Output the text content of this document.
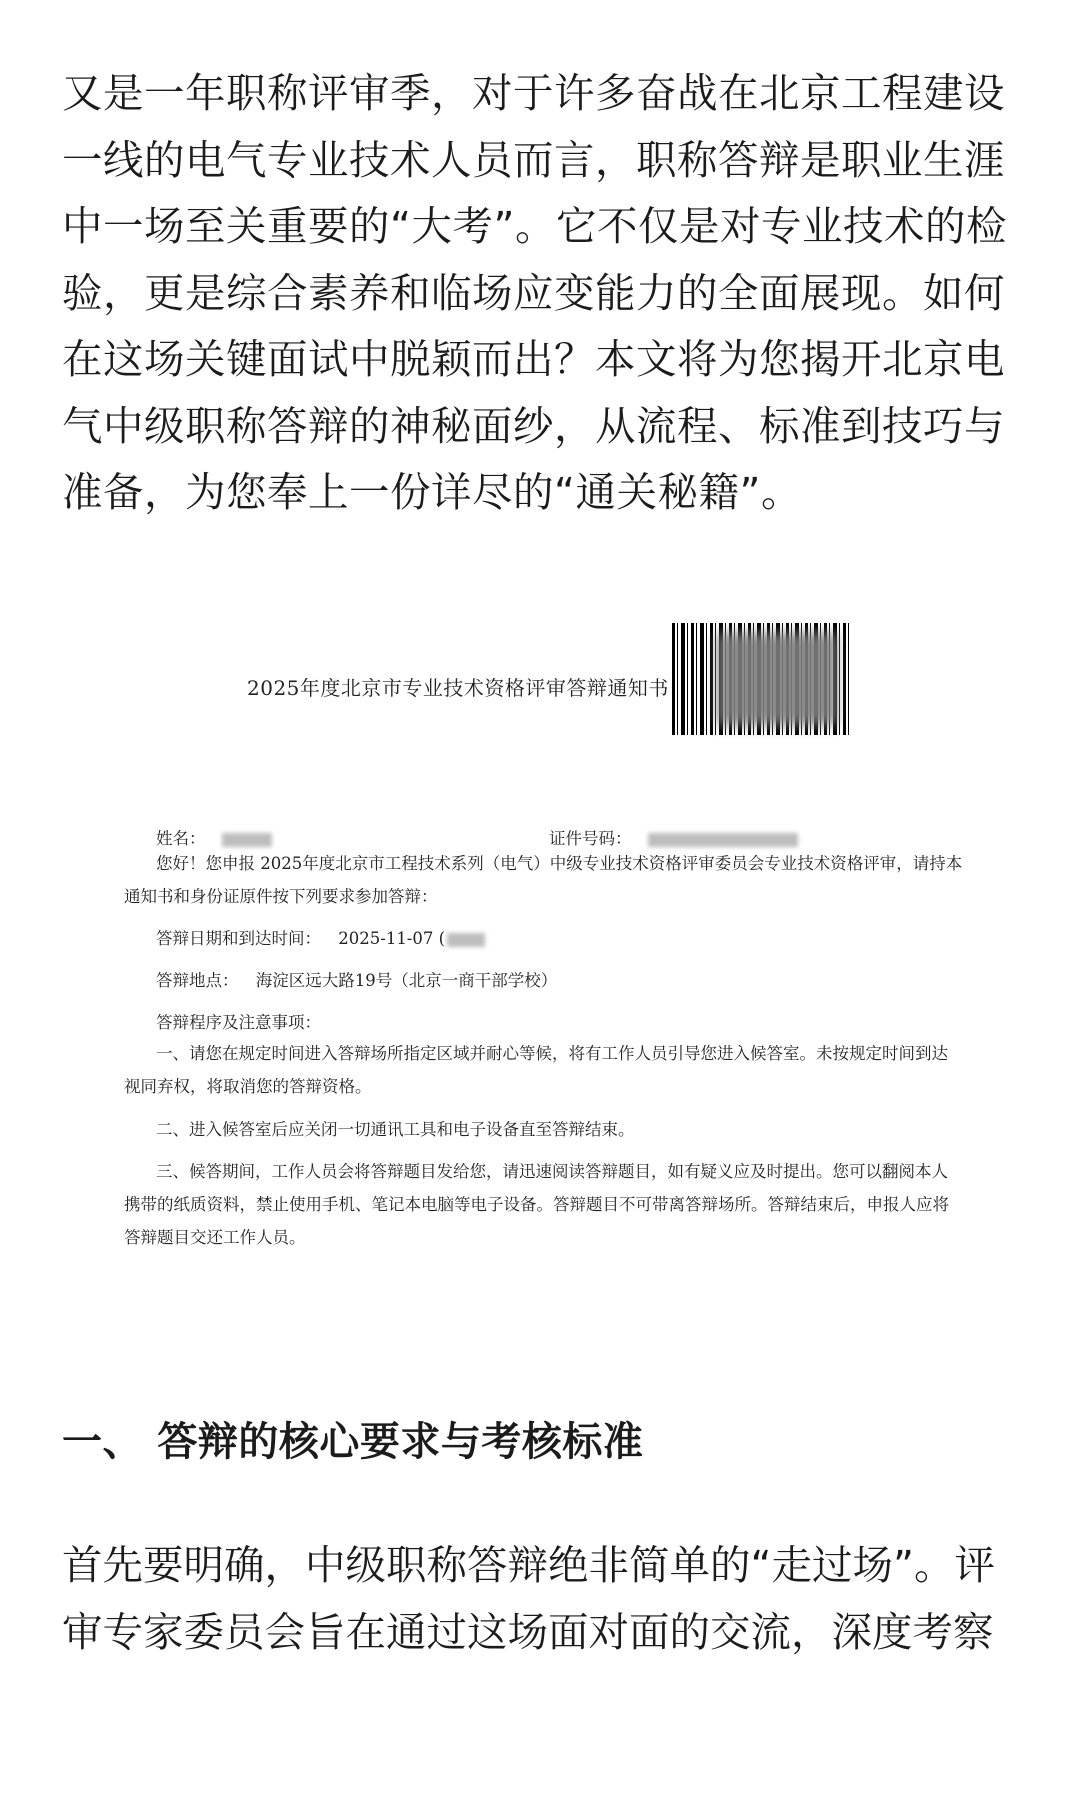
又是一年职称评审季，对于许多奋战在北京工程建设一线的电气专业技术人员而言，职称答辩是职业生涯中一场至关重要的“大考”。它不仅是对专业技术的检验，更是综合素养和临场应变能力的全面展现。如何在这场关键面试中脱颖而出？本文将为您揭开北京电气中级职称答辩的神秘面纱，从流程、标准到技巧与准备，为您奉上一份详尽的“通关秘籍”。

2025年度北京市专业技术资格评审答辩通知书
姓名：	证件号码：

您好！您申报 2025年度北京市工程技术系列（电气）中级专业技术资格评审委员会专业技术资格评审，请持本通知书和身份证原件按下列要求参加答辩：

答辩日期和到达时间： 2025-11-07 (
答辩地点： 海淀区远大路19号（北京一商干部学校）
答辩程序及注意事项：

一、请您在规定时间进入答辩场所指定区域并耐心等候，将有工作人员引导您进入候答室。未按规定时间到达视同弃权，将取消您的答辩资格。

二、进入候答室后应关闭一切通讯工具和电子设备直至答辩结束。

三、候答期间，工作人员会将答辩题目发给您，请迅速阅读答辩题目，如有疑义应及时提出。您可以翻阅本人携带的纸质资料，禁止使用手机、笔记本电脑等电子设备。答辩题目不可带离答辩场所。答辩结束后，申报人应将答辩题目交还工作人员。

一、 答辩的核心要求与考核标准

首先要明确，中级职称答辩绝非简单的“走过场”。评审专家委员会旨在通过这场面对面的交流，深度考察
